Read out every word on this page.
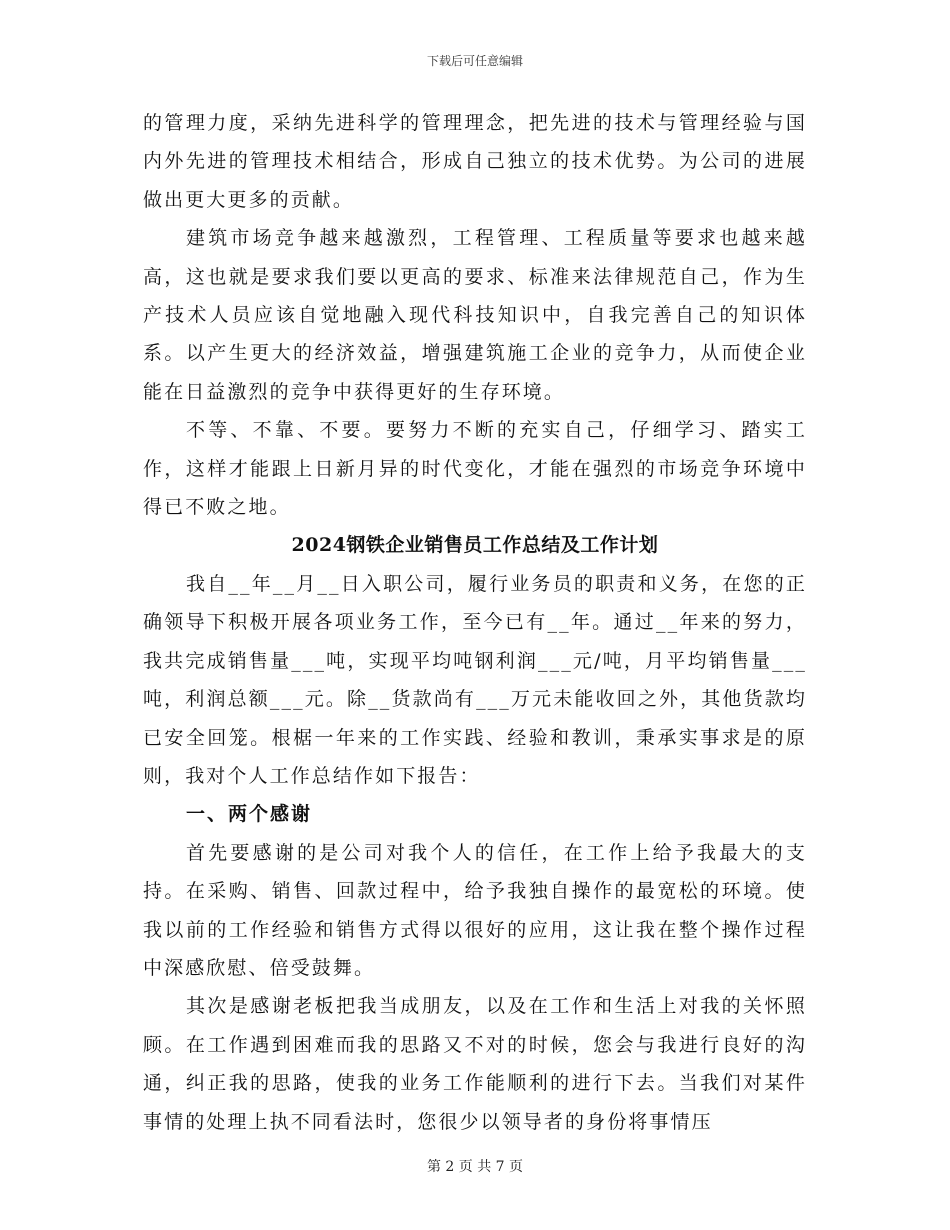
下载后可任意编辑

的管理力度，采纳先进科学的管理理念，把先进的技术与管理经验与国内外先进的管理技术相结合，形成自己独立的技术优势。为公司的进展做出更大更多的贡献。

建筑市场竞争越来越激烈，工程管理、工程质量等要求也越来越高，这也就是要求我们要以更高的要求、标准来法律规范自己，作为生产技术人员应该自觉地融入现代科技知识中，自我完善自己的知识体系。以产生更大的经济效益，增强建筑施工企业的竞争力，从而使企业能在日益激烈的竞争中获得更好的生存环境。

不等、不靠、不要。要努力不断的充实自己，仔细学习、踏实工作，这样才能跟上日新月异的时代变化，才能在强烈的市场竞争环境中得已不败之地。

2024钢铁企业销售员工作总结及工作计划

我自__年__月__日入职公司，履行业务员的职责和义务，在您的正确领导下积极开展各项业务工作，至今已有__年。通过__年来的努力，我共完成销售量___吨，实现平均吨钢利润___元/吨，月平均销售量___吨，利润总额___元。除__货款尚有___万元未能收回之外，其他货款均已安全回笼。根椐一年来的工作实践、经验和教训，秉承实事求是的原则，我对个人工作总结作如下报告：

一、两个感谢

首先要感谢的是公司对我个人的信任，在工作上给予我最大的支持。在采购、销售、回款过程中，给予我独自操作的最宽松的环境。使我以前的工作经验和销售方式得以很好的应用，这让我在整个操作过程中深感欣慰、倍受鼓舞。

其次是感谢老板把我当成朋友，以及在工作和生活上对我的关怀照顾。在工作遇到困难而我的思路又不对的时候，您会与我进行良好的沟通，纠正我的思路，使我的业务工作能顺利的进行下去。当我们对某件事情的处理上执不同看法时，您很少以领导者的身份将事情压

第 2 页 共 7 页
